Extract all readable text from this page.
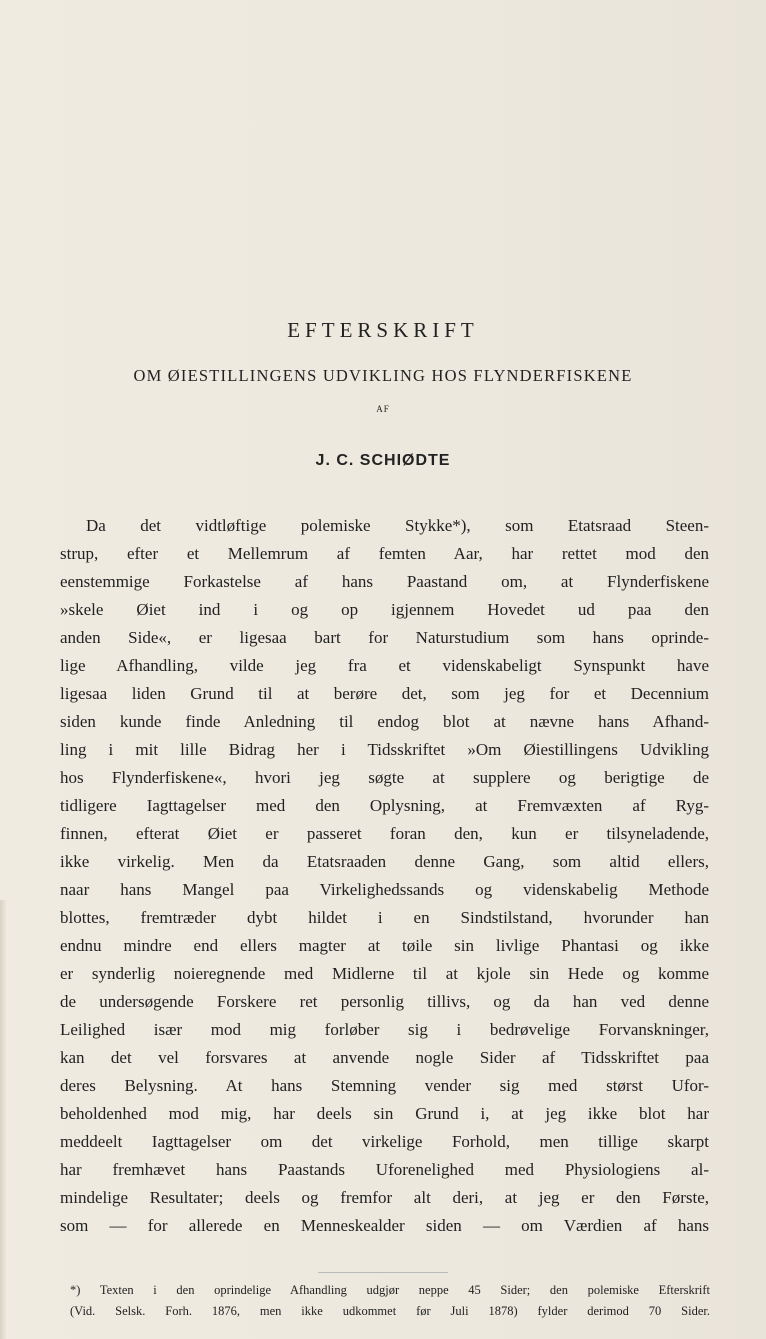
EFTERSKRIFT
OM ØIESTILLINGENS UDVIKLING HOS FLYNDERFISKENE
AF
J. C. SCHIØDTE
Da det vidtløftige polemiske Stykke*), som Etatsraad Steen-
strup, efter et Mellemrum af femten Aar, har rettet mod den
eenstemmige Forkastelse af hans Paastand om, at Flynderfiskene
»skele Øiet ind i og op igjennem Hovedet ud paa den
anden Side«, er ligesaa bart for Naturstudium som hans oprinde-
lige Afhandling, vilde jeg fra et videnskabeligt Synspunkt have
ligesaa liden Grund til at berøre det, som jeg for et Decennium
siden kunde finde Anledning til endog blot at nævne hans Afhand-
ling i mit lille Bidrag her i Tidsskriftet »Om Øiestillingens Udvikling
hos Flynderfiskene«, hvori jeg søgte at supplere og berigtige de
tidligere Iagttagelser med den Oplysning, at Fremvæxten af Ryg-
finnen, efterat Øiet er passeret foran den, kun er tilsyneladende,
ikke virkelig. Men da Etatsraaden denne Gang, som altid ellers,
naar hans Mangel paa Virkelighedssands og videnskabelig Methode
blottes, fremtræder dybt hildet i en Sindstilstand, hvorunder han
endnu mindre end ellers magter at tøile sin livlige Phantasi og ikke
er synderlig noieregnende med Midlerne til at kjole sin Hede og komme
de undersøgende Forskere ret personlig tillivs, og da han ved denne
Leilighed især mod mig forløber sig i bedrøvelige Forvanskninger,
kan det vel forsvares at anvende nogle Sider af Tidsskriftet paa
deres Belysning. At hans Stemning vender sig med størst Ufor-
beholdenhed mod mig, har deels sin Grund i, at jeg ikke blot har
meddeelt Iagttagelser om det virkelige Forhold, men tillige skarpt
har fremhævet hans Paastands Uforenelighed med Physiologiens al-
mindelige Resultater; deels og fremfor alt deri, at jeg er den Første,
som — for allerede en Menneskealder siden — om Værdien af hans
*) Texten i den oprindelige Afhandling udgjør neppe 45 Sider; den polemiske Efterskrift
(Vid. Selsk. Forh. 1876, men ikke udkommet før Juli 1878) fylder derimod 70 Sider.
